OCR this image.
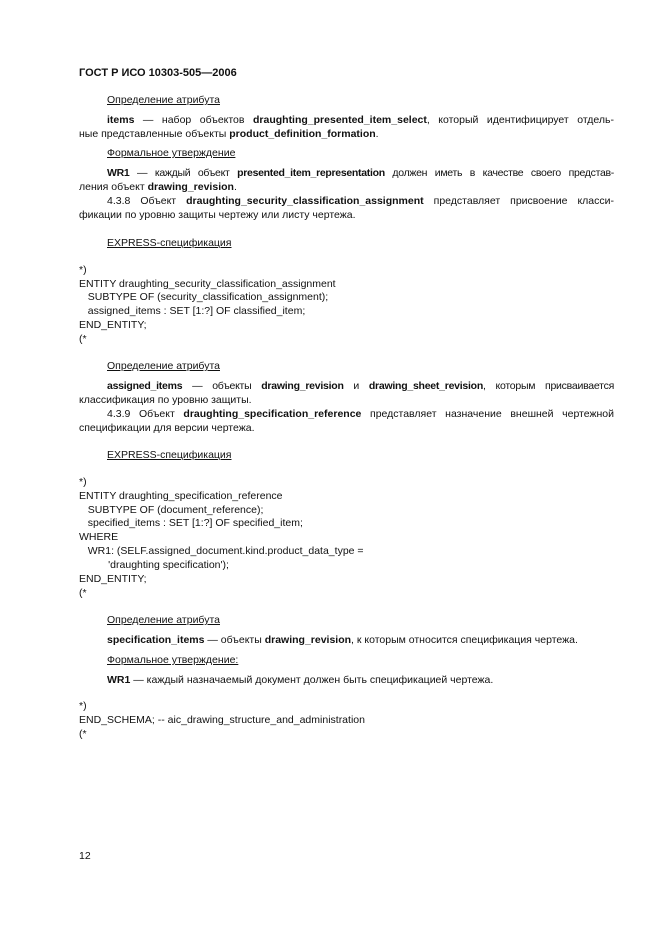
ГОСТ Р ИСО 10303-505—2006
Определение атрибута
items — набор объектов draughting_presented_item_select, который идентифицирует отдель-
ные представленные объекты product_definition_formation.
Формальное утверждение
WR1 — каждый объект presented_item_representation должен иметь в качестве своего представ-
ления объект drawing_revision.
4.3.8 Объект draughting_security_classification_assignment представляет присвоение класси-
фикации по уровню защиты чертежу или листу чертежа.
EXPRESS-спецификация
*)
ENTITY draughting_security_classification_assignment
SUBTYPE OF (security_classification_assignment);
assigned_items : SET [1:?] OF classified_item;
END_ENTITY;
(*
Определение атрибута
assigned_items — объекты drawing_revision и drawing_sheet_revision, которым присваивается
классификация по уровню защиты.
4.3.9 Объект draughting_specification_reference представляет назначение внешней чертежной
спецификации для версии чертежа.
EXPRESS-спецификация
*)
ENTITY draughting_specification_reference
SUBTYPE OF (document_reference);
specified_items : SET [1:?] OF specified_item;
WHERE
WR1: (SELF.assigned_document.kind.product_data_type =
'draughting specification');
END_ENTITY;
(*
Определение атрибута
specification_items — объекты drawing_revision, к которым относится спецификация чертежа.
Формальное утверждение:
WR1 — каждый назначаемый документ должен быть спецификацией чертежа.
*)
END_SCHEMA; -- aic_drawing_structure_and_administration
(*
12
